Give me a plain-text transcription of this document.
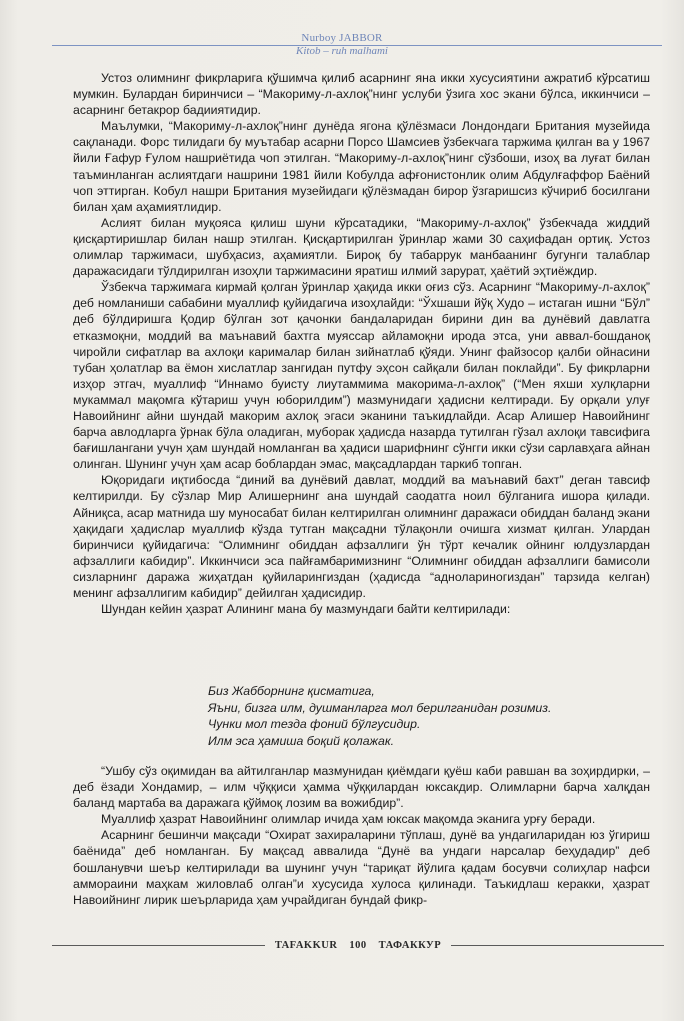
Nurboy JABBOR
Kitob – ruh malhami

Устоз олимнинг фикрларига қўшимча қилиб асарнинг яна икки хусусиятини ажратиб кўрсатиш мумкин. Булардан биринчиси – “Макориму-л-ахлоқ”нинг услуби ўзига хос экани бўлса, иккинчиси – асарнинг бетакрор бадииятидир.

Маълумки, “Макориму-л-ахлоқ”нинг дунёда ягона қўлёзмаси Лондондаги Британия музейида сақланади. Форс тилидаги бу муътабар асарни Порсо Шамсиев ўзбекчага таржима қилган ва у 1967 йили Ғафур Ғулом нашриётида чоп этилган. “Макориму-л-ахлоқ”нинг сўзбоши, изоҳ ва луғат билан таъминланган аслиятдаги нашрини 1981 йили Кобулда афғонистонлик олим Абдулғаффор Баёний чоп эттирган. Кобул нашри Британия музейидаги қўлёзмадан бирор ўзгаришсиз кўчириб босилгани билан ҳам аҳамиятлидир.

Аслият билан муқояса қилиш шуни кўрсатадики, “Макориму-л-ахлоқ” ўзбекчада жиддий қисқартиришлар билан нашр этилган. Қисқартирилган ўринлар жами 30 саҳифадан ортиқ. Устоз олимлар таржимаси, шубҳасиз, аҳамиятли. Бироқ бу табаррук манбаанинг бугунги талаблар даражасидаги тўлдирилган изоҳли таржимасини яратиш илмий зарурат, ҳаётий эҳтиёждир.

Ўзбекча таржимага кирмай қолган ўринлар ҳақида икки оғиз сўз. Асарнинг “Макориму-л-ахлоқ” деб номланиши сабабини муаллиф қуйидагича изоҳлайди: “Ўхшаши йўқ Худо – истаган ишни “Бўл” деб бўлдиришга Қодир бўлган зот қачонки бандаларидан бирини дин ва дунёвий давлатга етказмоқни, моддий ва маънавий бахтга муяссар айламоқни ирода этса, уни аввал-бошданоқ чиройли сифатлар ва ахлоқи карималар билан зийнатлаб қўяди. Унинг файзосор қалби ойнасини тубан ҳолатлар ва ёмон хислатлар зангидан путфу эҳсон сайқали билан поклайди”. Бу фикрларни изҳор этгач, муаллиф “Иннамо буисту лиутаммима макорима-л-ахлоқ” (“Мен яхши хулқларни мукаммал мақомга кўтариш учун юборилдим”) мазмунидаги ҳадисни келтиради. Бу орқали улуғ Навоийнинг айни шундай макорим ахлоқ эгаси эканини таъкидлайди. Асар Алишер Навоийнинг барча авлодларга ўрнак бўла оладиган, муборак ҳадисда назарда тутилган гўзал ахлоқи тавсифига бағишлангани учун ҳам шундай номланган ва ҳадиси шарифнинг сўнгги икки сўзи сарлавҳага айнан олинган. Шунинг учун ҳам асар боблардан эмас, мақсадлардан таркиб топган.

Юқоридаги иқтибосда “диний ва дунёвий давлат, моддий ва маънавий бахт” деган тавсиф келтирилди. Бу сўзлар Мир Алишернинг ана шундай саодатга ноил бўлганига ишора қилади. Айниқса, асар матнида шу муносабат билан келтирилган олимнинг даражаси обиддан баланд экани ҳақидаги ҳадислар муаллиф кўзда тутган мақсадни тўлақонли очишга хизмат қилган. Улардан биринчиси қуйидагича: “Олимнинг обиддан афзаллиги ўн тўрт кечалик ойнинг юлдузлардан афзаллиги кабидир”. Иккинчиси эса пайғамбаримизнинг “Олимнинг обиддан афзаллиги бамисоли сизларнинг даража жиҳатдан қуйиларингиздан (ҳадисда “аднолариногиздан” тарзида келган) менинг афзаллигим кабидир” дейилган ҳадисидир.

Шундан кейин ҳазрат Алининг мана бу мазмундаги байти келтирилади:

Биз Жабборнинг қисматига,
Яъни, бизга илм, душманларга мол берилганидан розимиз.
Чунки мол тезда фоний бўлгусидир.
Илм эса ҳамиша боқий қолажак.

“Ушбу сўз оқимидан ва айтилганлар мазмунидан қиёмдаги қуёш каби равшан ва зоҳирдирки, – деб ёзади Хондамир, – илм чўққиси ҳамма чўққилардан юксакдир. Олимларни барча халқдан баланд мартаба ва даражага қўймоқ лозим ва вожибдир”.

Муаллиф ҳазрат Навоийнинг олимлар ичида ҳам юксак мақомда эканига урғу беради.

Асарнинг бешинчи мақсади “Охират захираларини тўплаш, дунё ва ундагиларидан юз ўгириш баёнида” деб номланган. Бу мақсад аввалида “Дунё ва ундаги нарсалар беҳудадир” деб бошланувчи шеър келтирилади ва шунинг учун “тариқат йўлига қадам босувчи солиҳлар нафси аммораини маҳкам жиловлаб олган”и хусусида хулоса қилинади. Таъкидлаш керакки, ҳазрат Навоийнинг лирик шеърларида ҳам учрайдиган бундай фикр-

TAFAKKUR 100 ТАФАККУР
